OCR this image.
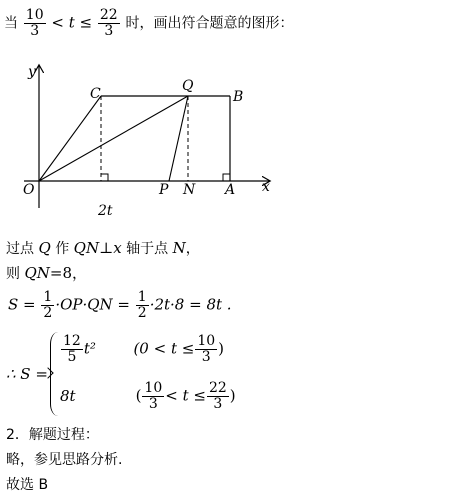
当 $\frac{10}{3} < t \le \frac{22}{3}$ 时，画出符合题意的图形：
y
x
O
C	Q
B
P N A
2t
过点 Q 作 QN⊥x 轴于点 N，
则 QN=8，
$S = \frac{1}{2} \cdot OP\cdot QN = \frac{1}{2} \cdot 2t\cdot 8 = 8t$ .
∴ S =
$\frac{12}{5} t^2$	($0 < t \le \frac{10}{3}$ )
8t	( $\frac{10}{3} < t \le \frac{22}{3}$ )
2．解题过程：
略，参见思路分析.
故选 B
